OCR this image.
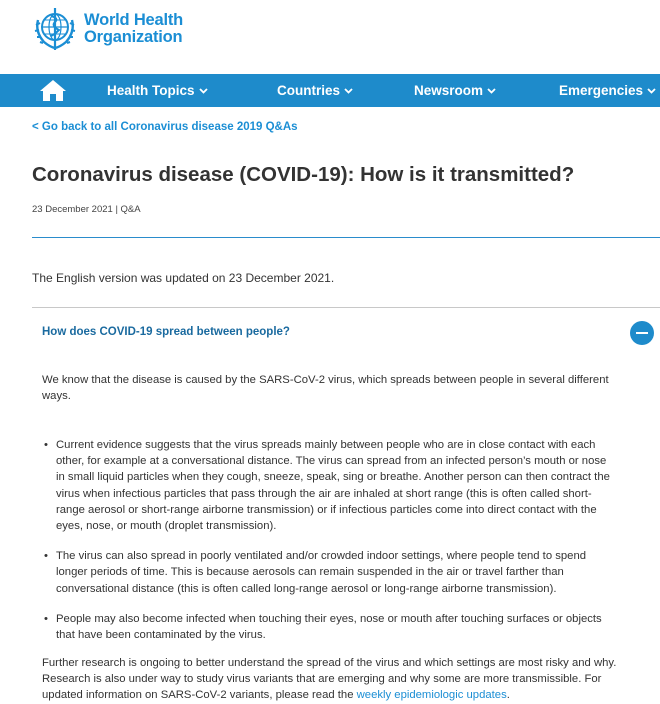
World Health
Organization
Health Topics	Countries	Newsroom	Emergencies
< Go back to all Coronavirus disease 2019 Q&As
Coronavirus disease (COVID-19): How is it transmitted?
23 December 2021 | Q&A
The English version was updated on 23 December 2021.
How does COVID-19 spread between people?
We know that the disease is caused by the SARS-CoV-2 virus, which spreads between people in several different ways.
• Current evidence suggests that the virus spreads mainly between people who are in close contact with each other, for example at a conversational distance. The virus can spread from an infected person’s mouth or nose in small liquid particles when they cough, sneeze, speak, sing or breathe. Another person can then contract the virus when infectious particles that pass through the air are inhaled at short range (this is often called short-range aerosol or short-range airborne transmission) or if infectious particles come into direct contact with the eyes, nose, or mouth (droplet transmission).
• The virus can also spread in poorly ventilated and/or crowded indoor settings, where people tend to spend longer periods of time. This is because aerosols can remain suspended in the air or travel farther than conversational distance (this is often called long-range aerosol or long-range airborne transmission).
• People may also become infected when touching their eyes, nose or mouth after touching surfaces or objects that have been contaminated by the virus.
Further research is ongoing to better understand the spread of the virus and which settings are most risky and why. Research is also under way to study virus variants that are emerging and why some are more transmissible. For updated information on SARS-CoV-2 variants, please read the weekly epidemiologic updates.
